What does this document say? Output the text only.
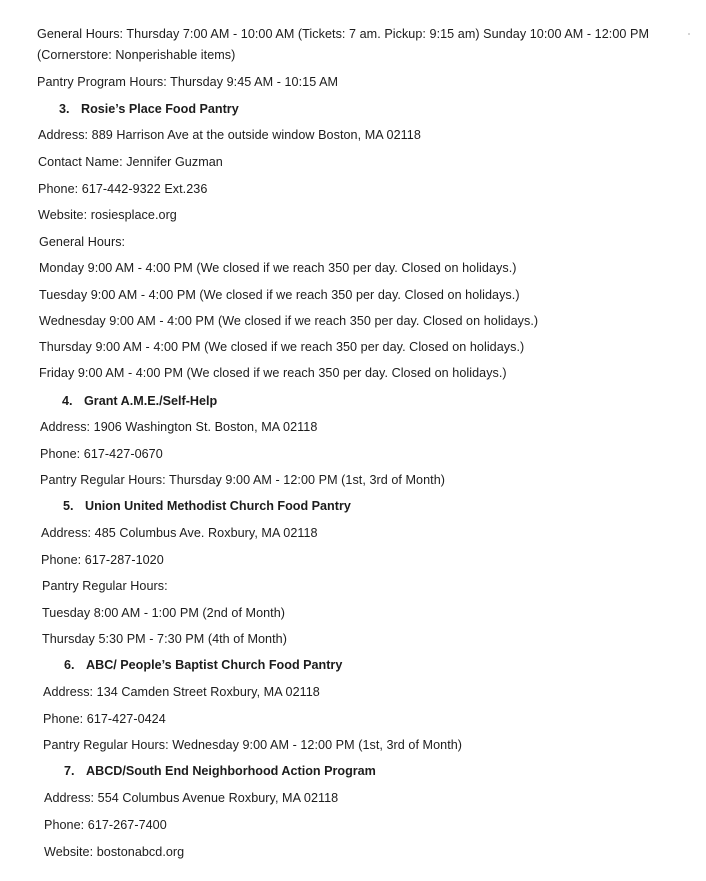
General Hours: Thursday 7:00 AM - 10:00 AM (Tickets: 7 am. Pickup: 9:15 am) Sunday 10:00 AM - 12:00 PM
(Cornerstore: Nonperishable items)
Pantry Program Hours: Thursday 9:45 AM - 10:15 AM
3. Rosie’s Place Food Pantry
Address: 889 Harrison Ave at the outside window Boston, MA 02118
Contact Name: Jennifer Guzman
Phone: 617-442-9322 Ext.236
Website: rosiesplace.org
General Hours:
Monday 9:00 AM - 4:00 PM (We closed if we reach 350 per day. Closed on holidays.)
Tuesday 9:00 AM - 4:00 PM (We closed if we reach 350 per day. Closed on holidays.)
Wednesday 9:00 AM - 4:00 PM (We closed if we reach 350 per day. Closed on holidays.)
Thursday 9:00 AM - 4:00 PM (We closed if we reach 350 per day. Closed on holidays.)
Friday 9:00 AM - 4:00 PM (We closed if we reach 350 per day. Closed on holidays.)
4. Grant A.M.E./Self-Help
Address: 1906 Washington St. Boston, MA 02118
Phone: 617-427-0670
Pantry Regular Hours: Thursday 9:00 AM - 12:00 PM (1st, 3rd of Month)
5. Union United Methodist Church Food Pantry
Address: 485 Columbus Ave. Roxbury, MA 02118
Phone: 617-287-1020
Pantry Regular Hours:
Tuesday 8:00 AM - 1:00 PM (2nd of Month)
Thursday 5:30 PM - 7:30 PM (4th of Month)
6. ABC/ People’s Baptist Church Food Pantry
Address: 134 Camden Street Roxbury, MA 02118
Phone: 617-427-0424
Pantry Regular Hours: Wednesday 9:00 AM - 12:00 PM (1st, 3rd of Month)
7. ABCD/South End Neighborhood Action Program
Address: 554 Columbus Avenue Roxbury, MA 02118
Phone: 617-267-7400
Website: bostonabcd.org
